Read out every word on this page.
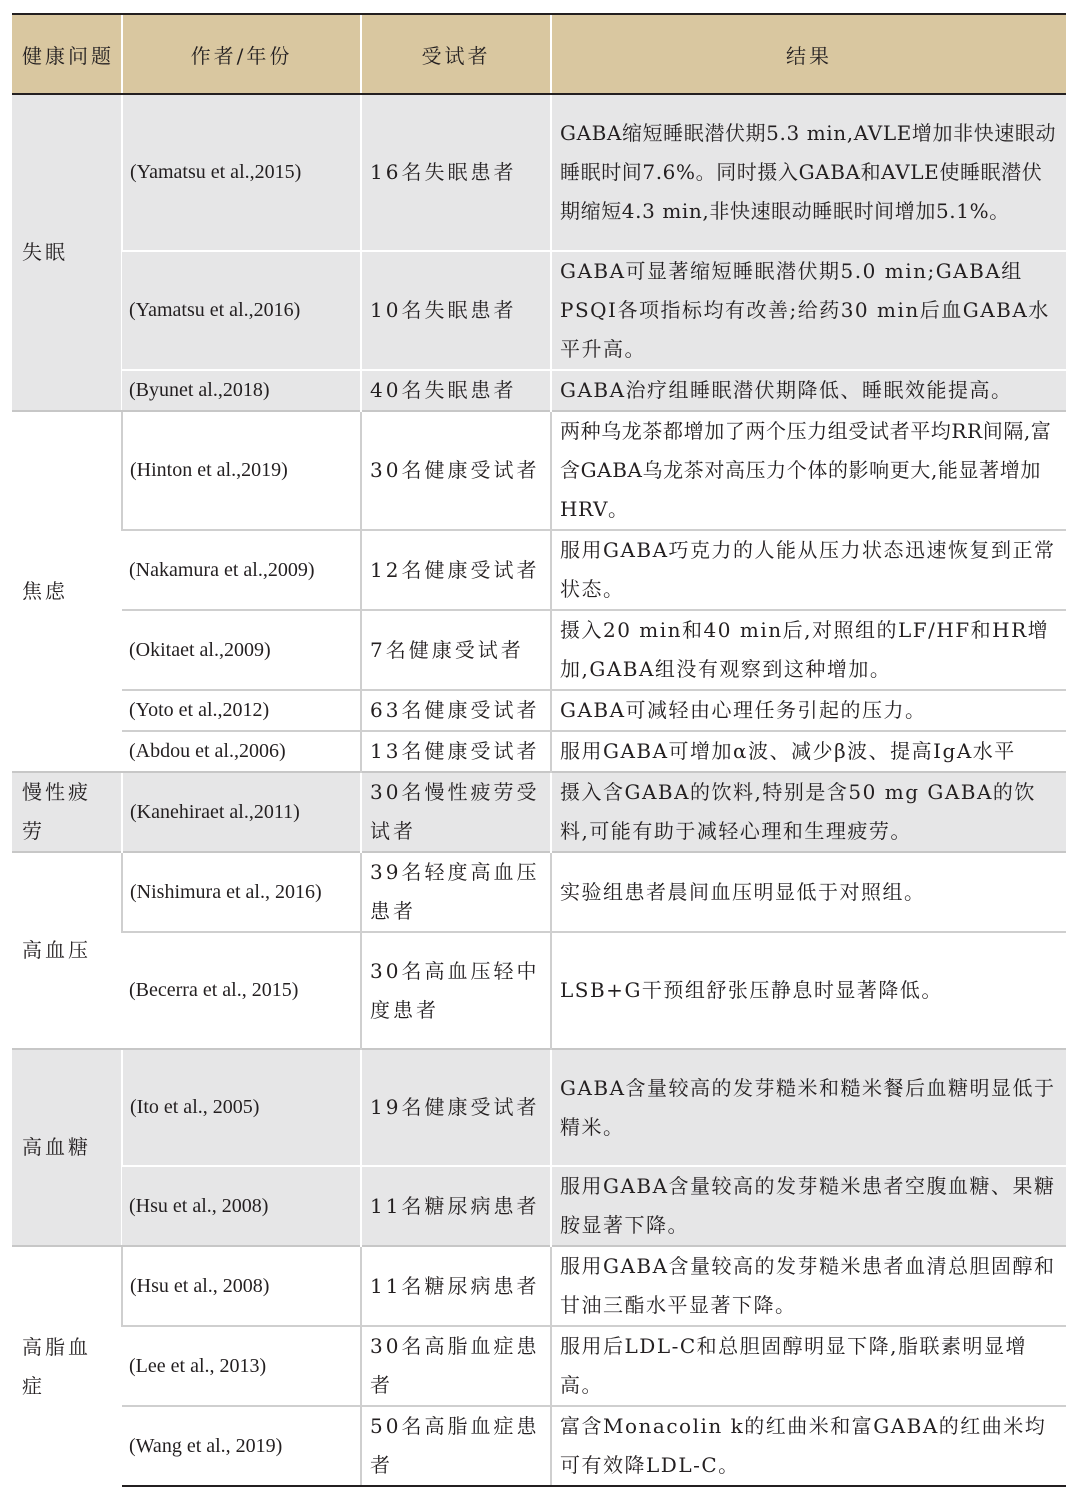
健康问题	作者/年份	受试者	结果
失眠	(Yamatsu et al.,2015)	16名失眠患者	GABA缩短睡眠潜伏期5.3 min,AVLE增加非快速眼动睡眠时间7.6%。同时摄入GABA和AVLE使睡眠潜伏期缩短4.3 min,非快速眼动睡眠时间增加5.1%。
	(Yamatsu et al.,2016)	10名失眠患者	GABA可显著缩短睡眠潜伏期5.0 min;GABA组PSQI各项指标均有改善;给药30 min后血GABA水平升高。
	(Byunet al.,2018)	40名失眠患者	GABA治疗组睡眠潜伏期降低、睡眠效能提高。
焦虑	(Hinton et al.,2019)	30名健康受试者	两种乌龙茶都增加了两个压力组受试者平均RR间隔,富含GABA乌龙茶对高压力个体的影响更大,能显著增加HRV。
	(Nakamura et al.,2009)	12名健康受试者	服用GABA巧克力的人能从压力状态迅速恢复到正常状态。
	(Okitaet al.,2009)	7名健康受试者	摄入20 min和40 min后,对照组的LF/HF和HR增加,GABA组没有观察到这种增加。
	(Yoto et al.,2012)	63名健康受试者	GABA可减轻由心理任务引起的压力。
	(Abdou et al.,2006)	13名健康受试者	服用GABA可增加α波、减少β波、提高IgA水平
慢性疲劳	(Kanehiraet al.,2011)	30名慢性疲劳受试者	摄入含GABA的饮料,特别是含50 mg GABA的饮料,可能有助于减轻心理和生理疲劳。
高血压	(Nishimura et al., 2016)	39名轻度高血压患者	实验组患者晨间血压明显低于对照组。
	(Becerra et al., 2015)	30名高血压轻中度患者	LSB+G干预组舒张压静息时显著降低。
高血糖	(Ito et al., 2005)	19名健康受试者	GABA含量较高的发芽糙米和糙米餐后血糖明显低于精米。
	(Hsu et al., 2008)	11名糖尿病患者	服用GABA含量较高的发芽糙米患者空腹血糖、果糖胺显著下降。
高脂血症	(Hsu et al., 2008)	11名糖尿病患者	服用GABA含量较高的发芽糙米患者血清总胆固醇和甘油三酯水平显著下降。
	(Lee et al., 2013)	30名高脂血症患者	服用后LDL-C和总胆固醇明显下降,脂联素明显增高。
	(Wang et al., 2019)	50名高脂血症患者	富含Monacolin k的红曲米和富GABA的红曲米均可有效降LDL-C。
